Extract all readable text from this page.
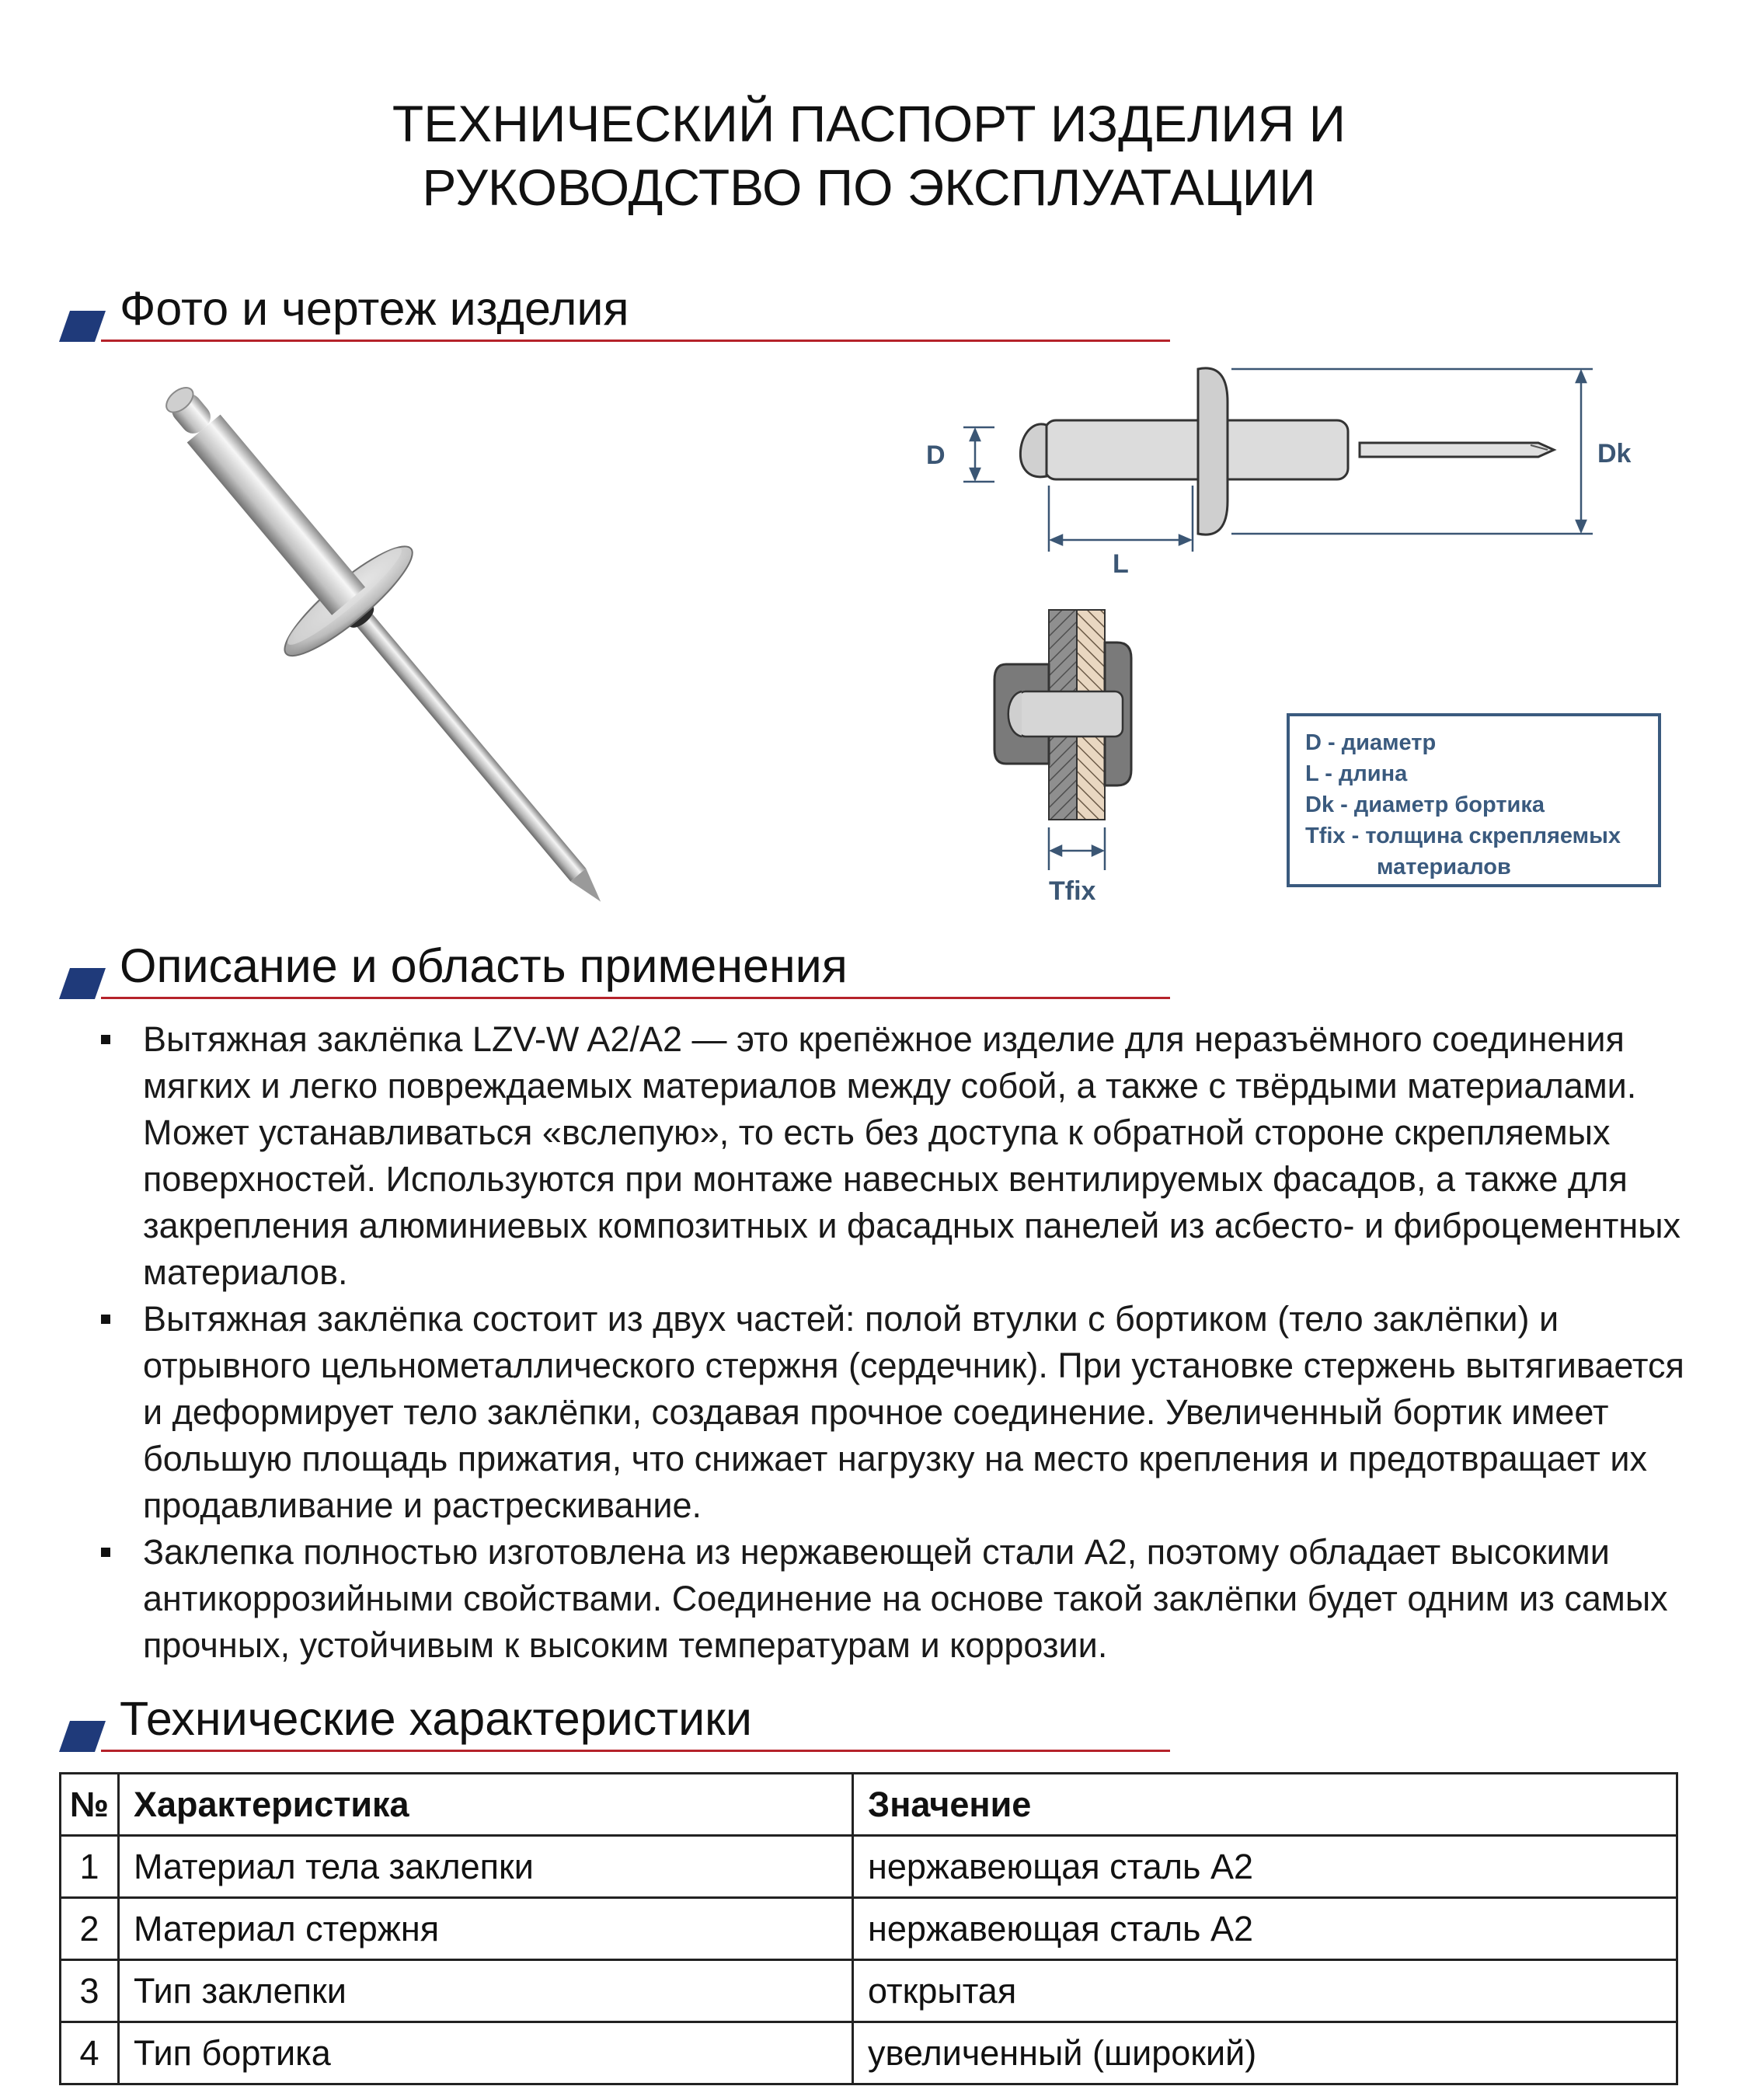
ТЕХНИЧЕСКИЙ ПАСПОРТ ИЗДЕЛИЯ И
РУКОВОДСТВО ПО ЭКСПЛУАТАЦИИ
Фото и чертеж изделия
D
L
Dk
Tfix
D - диаметр
L - длина
Dk - диаметр бортика
Tfix - толщина скрепляемых
материалов
Описание и область применения
Вытяжная заклёпка LZV-W A2/A2 — это крепёжное изделие для неразъёмного соединения мягких и легко повреждаемых материалов между собой, а также с твёрдыми материалами. Может устанавливаться «вслепую», то есть без доступа к обратной стороне скрепляемых поверхностей. Используются при монтаже навесных вентилируемых фасадов, а также для закрепления алюминиевых композитных и фасадных панелей из асбесто- и фиброцементных материалов.
Вытяжная заклёпка состоит из двух частей: полой втулки с бортиком (тело заклёпки) и отрывного цельнометаллического стержня (сердечник). При установке стержень вытягивается и деформирует тело заклёпки, создавая прочное соединение. Увеличенный бортик имеет большую площадь прижатия, что снижает нагрузку на место крепления и предотвращает их продавливание и растрескивание.
Заклепка полностью изготовлена из нержавеющей стали А2, поэтому обладает высокими антикоррозийными свойствами. Соединение на основе такой заклёпки будет одним из самых прочных, устойчивым к высоким температурам и коррозии.
Технические характеристики
№	Характеристика	Значение
1	Материал тела заклепки	нержавеющая сталь А2
2	Материал стержня	нержавеющая сталь А2
3	Тип заклепки	открытая
4	Тип бортика	увеличенный (широкий)
